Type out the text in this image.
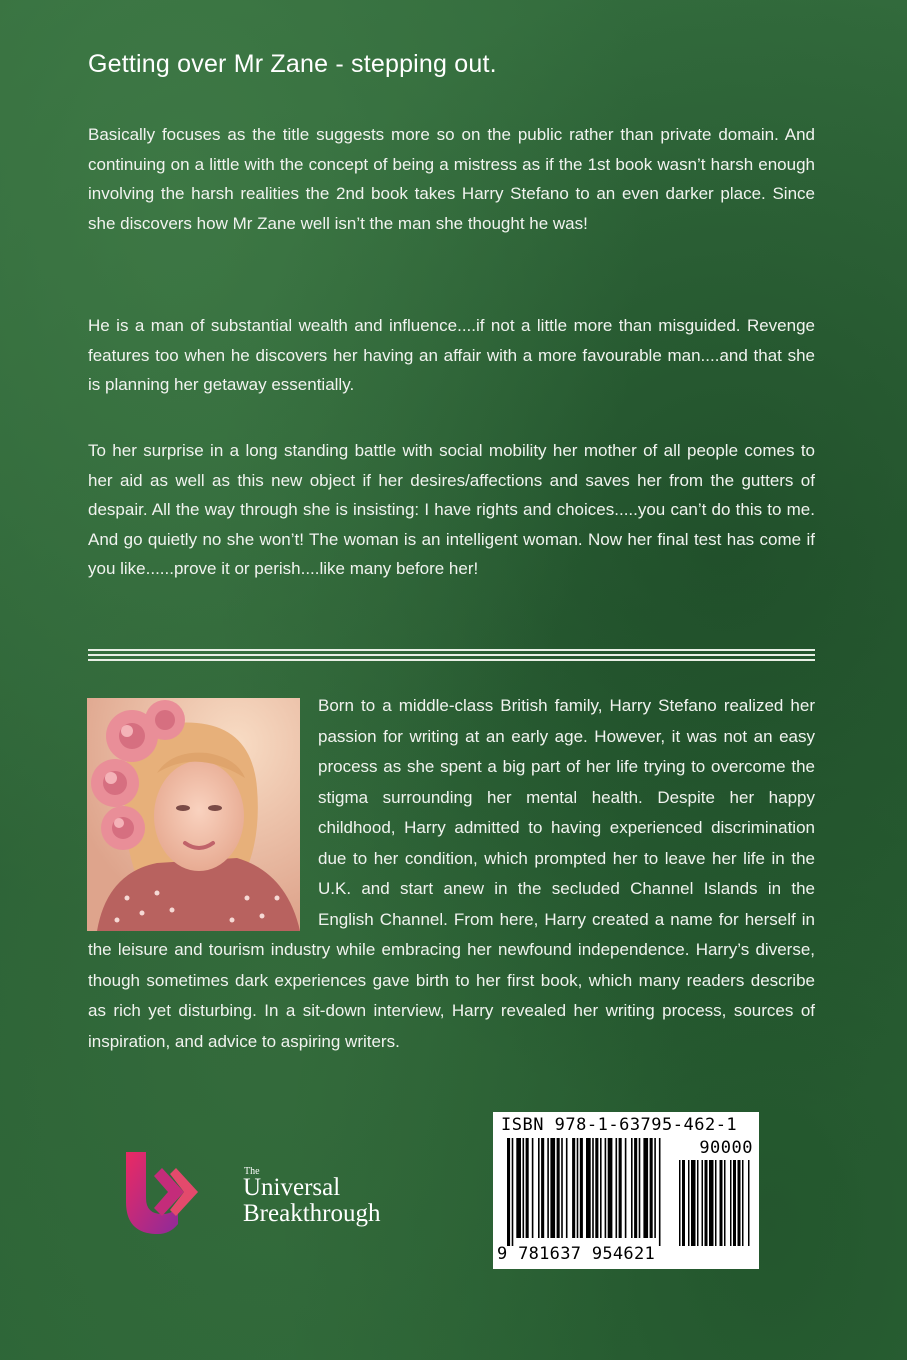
Getting over Mr Zane - stepping out.

Basically focuses as the title suggests more so on the public rather than private domain. And continuing on a little with the concept of being a mistress as if the 1st book wasn’t harsh enough involving the harsh realities the 2nd book takes Harry Stefano to an even darker place. Since she discovers how Mr Zane well isn’t the man she thought he was!

He is a man of substantial wealth and influence....if not a little more than misguided. Revenge features too when he discovers her having an affair with a more favourable man....and that she is planning her getaway essentially.

To her surprise in a long standing battle with social mobility her mother of all people comes to her aid as well as this new object if her desires/affections and saves her from the gutters of despair. All the way through she is insisting: I have rights and choices.....you can’t do this to me. And go quietly no she won’t! The woman is an intelligent woman. Now her final test has come if you like......prove it or perish....like many before her!

Born to a middle-class British family, Harry Stefano realized her passion for writing at an early age. However, it was not an easy process as she spent a big part of her life trying to overcome the stigma surrounding her mental health. Despite her happy childhood, Harry admitted to having experienced discrimination due to her condition, which prompted her to leave her life in the U.K. and start anew in the secluded Channel Islands in the English Channel. From here, Harry created a name for herself in the leisure and tourism industry while embracing her newfound independence. Harry’s diverse, though sometimes dark experiences gave birth to her first book, which many readers describe as rich yet disturbing. In a sit-down interview, Harry revealed her writing process, sources of inspiration, and advice to aspiring writers.

The
Universal
Breakthrough
ISBN 978-1-63795-462-1
90000
9 781637 954621
